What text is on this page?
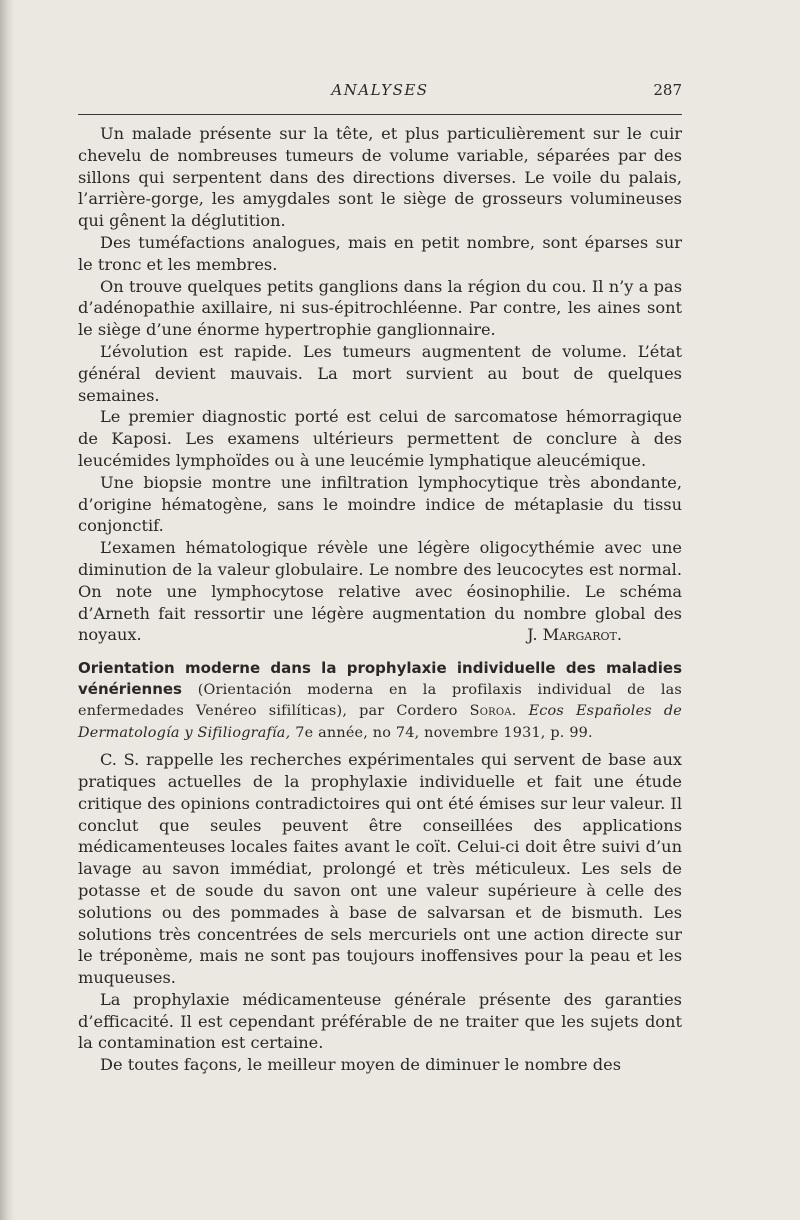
ANALYSES	287

Un malade présente sur la tête, et plus particulièrement sur le cuir chevelu de nombreuses tumeurs de volume variable, séparées par des sillons qui serpentent dans des directions diverses. Le voile du palais, l’arrière-gorge, les amygdales sont le siège de grosseurs volumineuses qui gênent la déglutition.

Des tuméfactions analogues, mais en petit nombre, sont éparses sur le tronc et les membres.

On trouve quelques petits ganglions dans la région du cou. Il n’y a pas d’adénopathie axillaire, ni sus-épitrochléenne. Par contre, les aines sont le siège d’une énorme hypertrophie ganglionnaire.

L’évolution est rapide. Les tumeurs augmentent de volume. L’état général devient mauvais. La mort survient au bout de quelques semaines.

Le premier diagnostic porté est celui de sarcomatose hémorragique de Kaposi. Les examens ultérieurs permettent de conclure à des leucémides lymphoïdes ou à une leucémie lymphatique aleucémique.

Une biopsie montre une infiltration lymphocytique très abondante, d’origine hématogène, sans le moindre indice de métaplasie du tissu conjonctif.

L’examen hématologique révèle une légère oligocythémie avec une diminution de la valeur globulaire. Le nombre des leucocytes est normal. On note une lymphocytose relative avec éosinophilie. Le schéma d’Arneth fait ressortir une légère augmentation du nombre global des noyaux.	J. Margarot.

Orientation moderne dans la prophylaxie individuelle des maladies vénériennes (Orientación moderna en la profilaxis individual de las enfermedades Venéreo sifilíticas), par Cordero Soroa. Ecos Españoles de Dermatología y Sifiliografía, 7e année, no 74, novembre 1931, p. 99.

C. S. rappelle les recherches expérimentales qui servent de base aux pratiques actuelles de la prophylaxie individuelle et fait une étude critique des opinions contradictoires qui ont été émises sur leur valeur. Il conclut que seules peuvent être conseillées des applications médicamenteuses locales faites avant le coït. Celui-ci doit être suivi d’un lavage au savon immédiat, prolongé et très méticuleux. Les sels de potasse et de soude du savon ont une valeur supérieure à celle des solutions ou des pommades à base de salvarsan et de bismuth. Les solutions très concentrées de sels mercuriels ont une action directe sur le tréponème, mais ne sont pas toujours inoffensives pour la peau et les muqueuses.

La prophylaxie médicamenteuse générale présente des garanties d’efficacité. Il est cependant préférable de ne traiter que les sujets dont la contamination est certaine.

De toutes façons, le meilleur moyen de diminuer le nombre des
